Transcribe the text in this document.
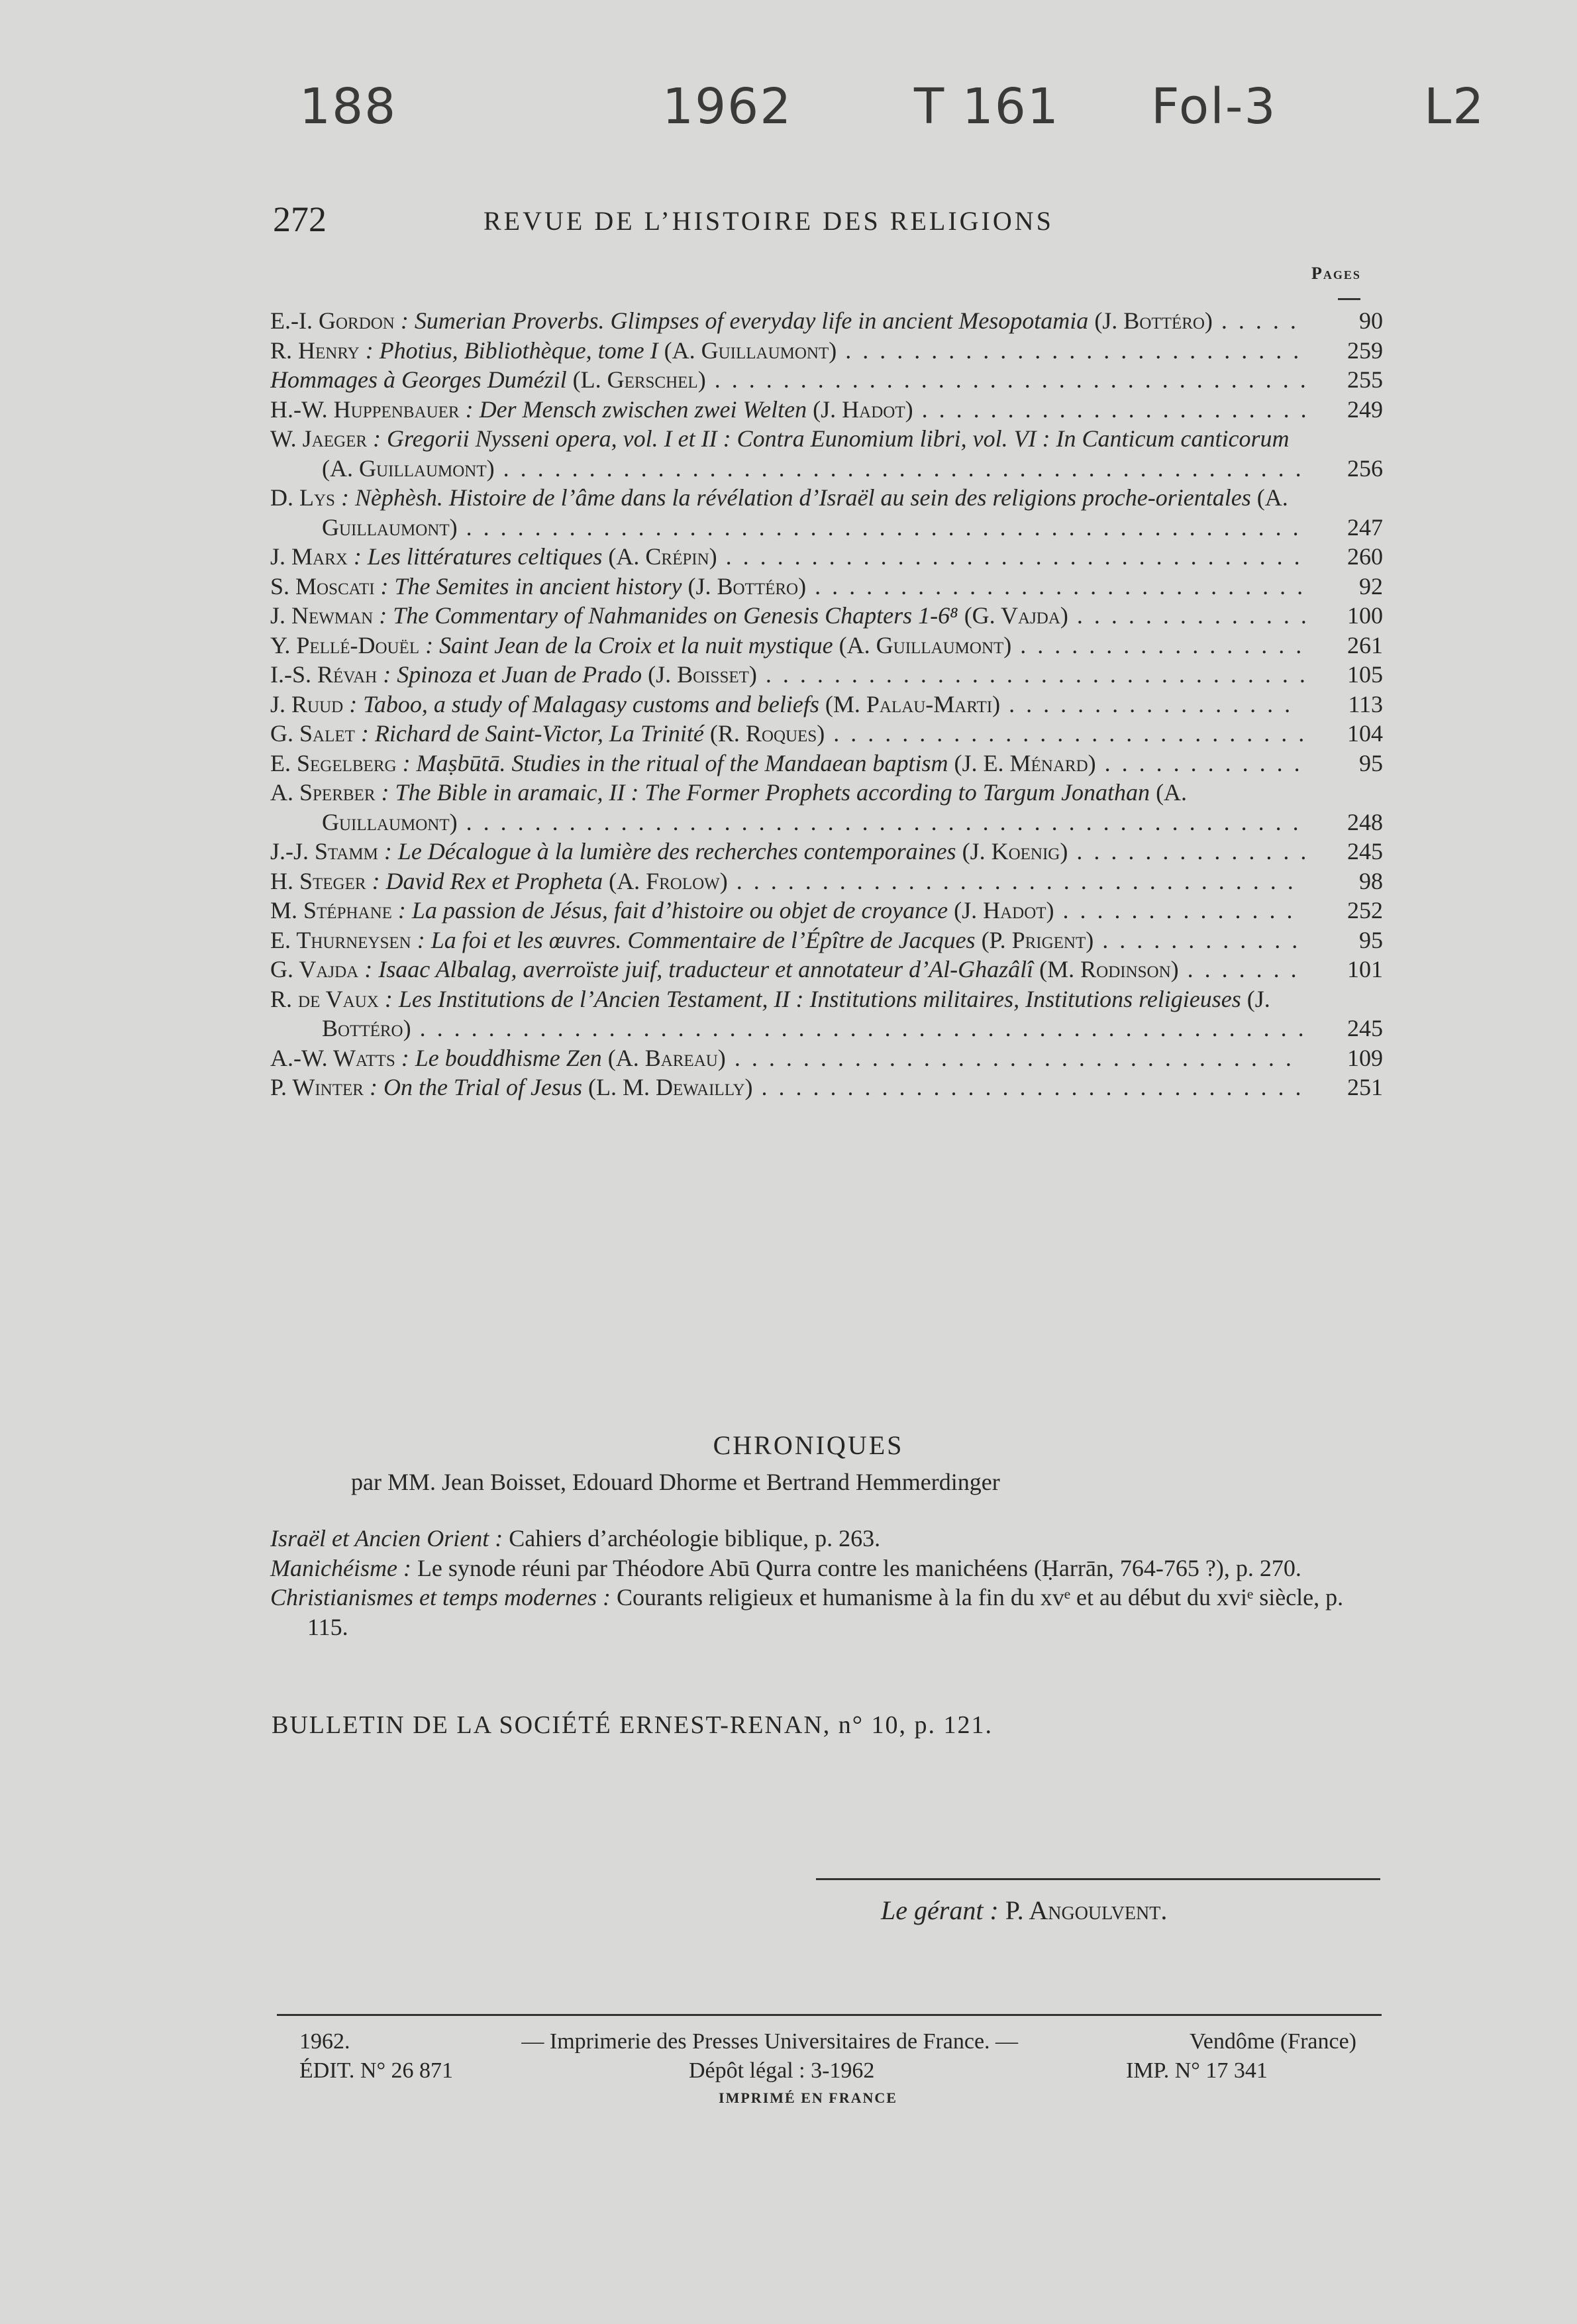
188	1962 T 161 Fol-3	L2
272	REVUE DE L’HISTOIRE DES RELIGIONS
Pages
E.-I. Gordon : Sumerian Proverbs. Glimpses of everyday life in ancient Mesopotamia (J. Bottéro) . . . . .	90
R. Henry : Photius, Bibliothèque, tome I (A. Guillaumont) . . . . . . . . . . . . . . . . . . . . . . . . . . .	259
Hommages à Georges Dumézil (L. Gerschel) . . . . . . . . . . . . . . . . . . . . . . . . . . . . . . . . . . .	255
H.-W. Huppenbauer : Der Mensch zwischen zwei Welten (J. Hadot) . . . . . . . . . . . . . . . . . . . . . . .	249
W. Jaeger : Gregorii Nysseni opera, vol. I et II : Contra Eunomium libri, vol. VI : In Canticum canticorum (A. Guillaumont) . . . . . . . . . . . . . . . . . . . . . . . . . . . . . . . . . . . . . . . . . . . . . . .	256
D. Lys : Nèphèsh. Histoire de l’âme dans la révélation d’Israël au sein des religions proche-orientales (A. Guillaumont) . . . . . . . . . . . . . . . . . . . . . . . . . . . . . . . . . . . . . . . . . . . . . . . . .	247
J. Marx : Les littératures celtiques (A. Crépin) . . . . . . . . . . . . . . . . . . . . . . . . . . . . . . . . . .	260
S. Moscati : The Semites in ancient history (J. Bottéro) . . . . . . . . . . . . . . . . . . . . . . . . . . . . .	92
J. Newman : The Commentary of Nahmanides on Genesis Chapters 1-6⁸ (G. Vajda) . . . . . . . . . . . . . .	100
Y. Pellé-Douël : Saint Jean de la Croix et la nuit mystique (A. Guillaumont) . . . . . . . . . . . . . . . . .	261
I.-S. Révah : Spinoza et Juan de Prado (J. Boisset) . . . . . . . . . . . . . . . . . . . . . . . . . . . . . . . .	105
J. Ruud : Taboo, a study of Malagasy customs and beliefs (M. Palau-Marti) . . . . . . . . . . . . . . . . .	113
G. Salet : Richard de Saint-Victor, La Trinité (R. Roques) . . . . . . . . . . . . . . . . . . . . . . . . . . . .	104
E. Segelberg : Maṣbūtā. Studies in the ritual of the Mandaean baptism (J. E. Ménard) . . . . . . . . . . . .	95
A. Sperber : The Bible in aramaic, II : The Former Prophets according to Targum Jonathan (A. Guillaumont) . . . . . . . . . . . . . . . . . . . . . . . . . . . . . . . . . . . . . . . . . . . . . . . . .	248
J.-J. Stamm : Le Décalogue à la lumière des recherches contemporaines (J. Koenig) . . . . . . . . . . . . . .	245
H. Steger : David Rex et Propheta (A. Frolow) . . . . . . . . . . . . . . . . . . . . . . . . . . . . . . . . .	98
M. Stéphane : La passion de Jésus, fait d’histoire ou objet de croyance (J. Hadot) . . . . . . . . . . . . . .	252
E. Thurneysen : La foi et les œuvres. Commentaire de l’Épître de Jacques (P. Prigent) . . . . . . . . . . . .	95
G. Vajda : Isaac Albalag, averroïste juif, traducteur et annotateur d’Al-Ghazâlî (M. Rodinson) . . . . . . .	101
R. de Vaux : Les Institutions de l’Ancien Testament, II : Institutions militaires, Institutions religieuses (J. Bottéro) . . . . . . . . . . . . . . . . . . . . . . . . . . . . . . . . . . . . . . . . . . . . . . . . . . . .	245
A.-W. Watts : Le bouddhisme Zen (A. Bareau) . . . . . . . . . . . . . . . . . . . . . . . . . . . . . . . . .	109
P. Winter : On the Trial of Jesus (L. M. Dewailly) . . . . . . . . . . . . . . . . . . . . . . . . . . . . . . . .	251
CHRONIQUES
par MM. Jean Boisset, Edouard Dhorme et Bertrand Hemmerdinger
Israël et Ancien Orient : Cahiers d’archéologie biblique, p. 263.
Manichéisme : Le synode réuni par Théodore Abū Qurra contre les manichéens (Ḥarrān, 764-765 ?), p. 270.
Christianismes et temps modernes : Courants religieux et humanisme à la fin du xvᵉ et au début du xviᵉ siècle, p. 115.
BULLETIN DE LA SOCIÉTÉ ERNEST-RENAN, n° 10, p. 121.
Le gérant : P. Angoulvent.
1962.	— Imprimerie des Presses Universitaires de France. —	Vendôme (France)
ÉDIT. N° 26 871	Dépôt légal : 3-1962	IMP. N° 17 341
IMPRIMÉ EN FRANCE
